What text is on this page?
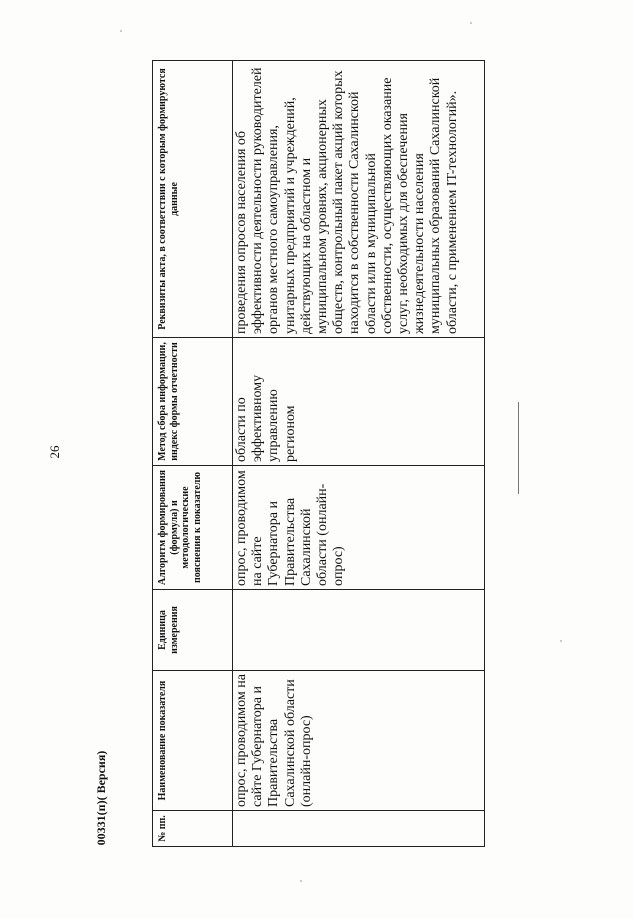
26
00331(п)( Версия)	№ пп.	Наименование показателя	Единица измерения	Алгоритм формирования (формула) и методологические пояснения к показателю	Метод сбора информации, индекс формы отчетности	Реквизиты акта, в соответствии с которым формируются данные
	опрос, проводимом на сайте Губернатора и Правительства Сахалинской области (онлайн-опрос)		опрос, проводимом на сайте Губернатора и Правительства Сахалинской области (онлайн-опрос)	области по эффективному управлению регионом	проведения опросов населения об эффективности деятельности руководителей органов местного самоуправления, унитарных предприятий и учреждений, действующих на областном и муниципальном уровнях, акционерных обществ, контрольный пакет акций которых находится в собственности Сахалинской области или в муниципальной собственности, осуществляющих оказание услуг, необходимых для обеспечения жизнедеятельности населения муниципальных образований Сахалинской области, с применением IT-технологий».
